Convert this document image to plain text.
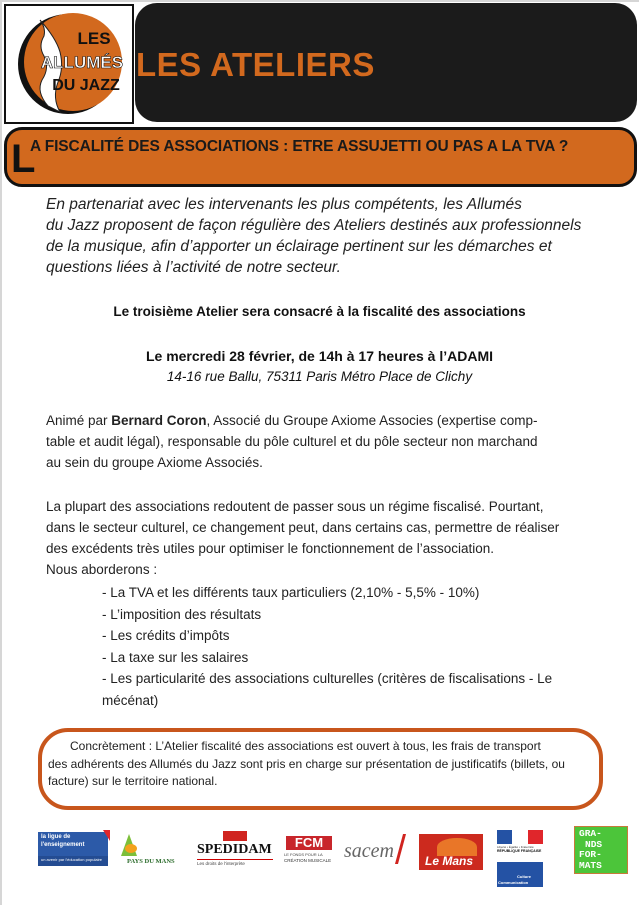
LES
ALLUMÉS
DU JAZZ
LES ATELIERS
L
A FISCALITÉ DES ASSOCIATIONS : ETRE ASSUJETTI OU PAS A LA TVA ?
En partenariat avec les intervenants les plus compétents, les Allumés
du Jazz proposent de façon régulière des Ateliers destinés aux professionnels
de la musique, afin d’apporter un éclairage pertinent sur les démarches et
questions liées à l’activité de notre secteur.
Le troisième Atelier sera consacré à la fiscalité des associations
Le mercredi 28 février, de 14h à 17 heures à l’ADAMI
14-16 rue Ballu, 75311 Paris Métro Place de Clichy
Animé par Bernard Coron, Associé du Groupe Axiome Associes (expertise comp-
table et audit légal), responsable du pôle culturel et du pôle secteur non marchand
au sein du groupe Axiome Associés.
La plupart des associations redoutent de passer sous un régime fiscalisé. Pourtant,
dans le secteur culturel, ce changement peut, dans certains cas, permettre de réaliser
des excédents très utiles pour optimiser le fonctionnement de l’association.
Nous aborderons :
- La TVA et les différents taux particuliers (2,10% - 5,5% - 10%)
- L’imposition des résultats
- Les crédits d’impôts
- La taxe sur les salaires
- Les particularité des associations culturelles (critères de fiscalisations - Le
mécénat)
Concrètement : L’Atelier fiscalité des associations est ouvert à tous, les frais de transport
des adhérents des Allumés du Jazz sont pris en charge sur présentation de justificatifs (billets, ou
facture) sur le territoire national.
la ligue de
l'enseignement
un avenir par l'éducation populaire	PAYS DU MANS
SPEDIDAM
Les droits de l'interprète
FCM
LE FONDS POUR LA
CRÉATION MUSICALE sacem	Le Mans
Liberté • Égalité • Fraternité
RÉPUBLIQUE FRANÇAISE
Culture
Communication
GRA-
NDS
FOR-
MATS
